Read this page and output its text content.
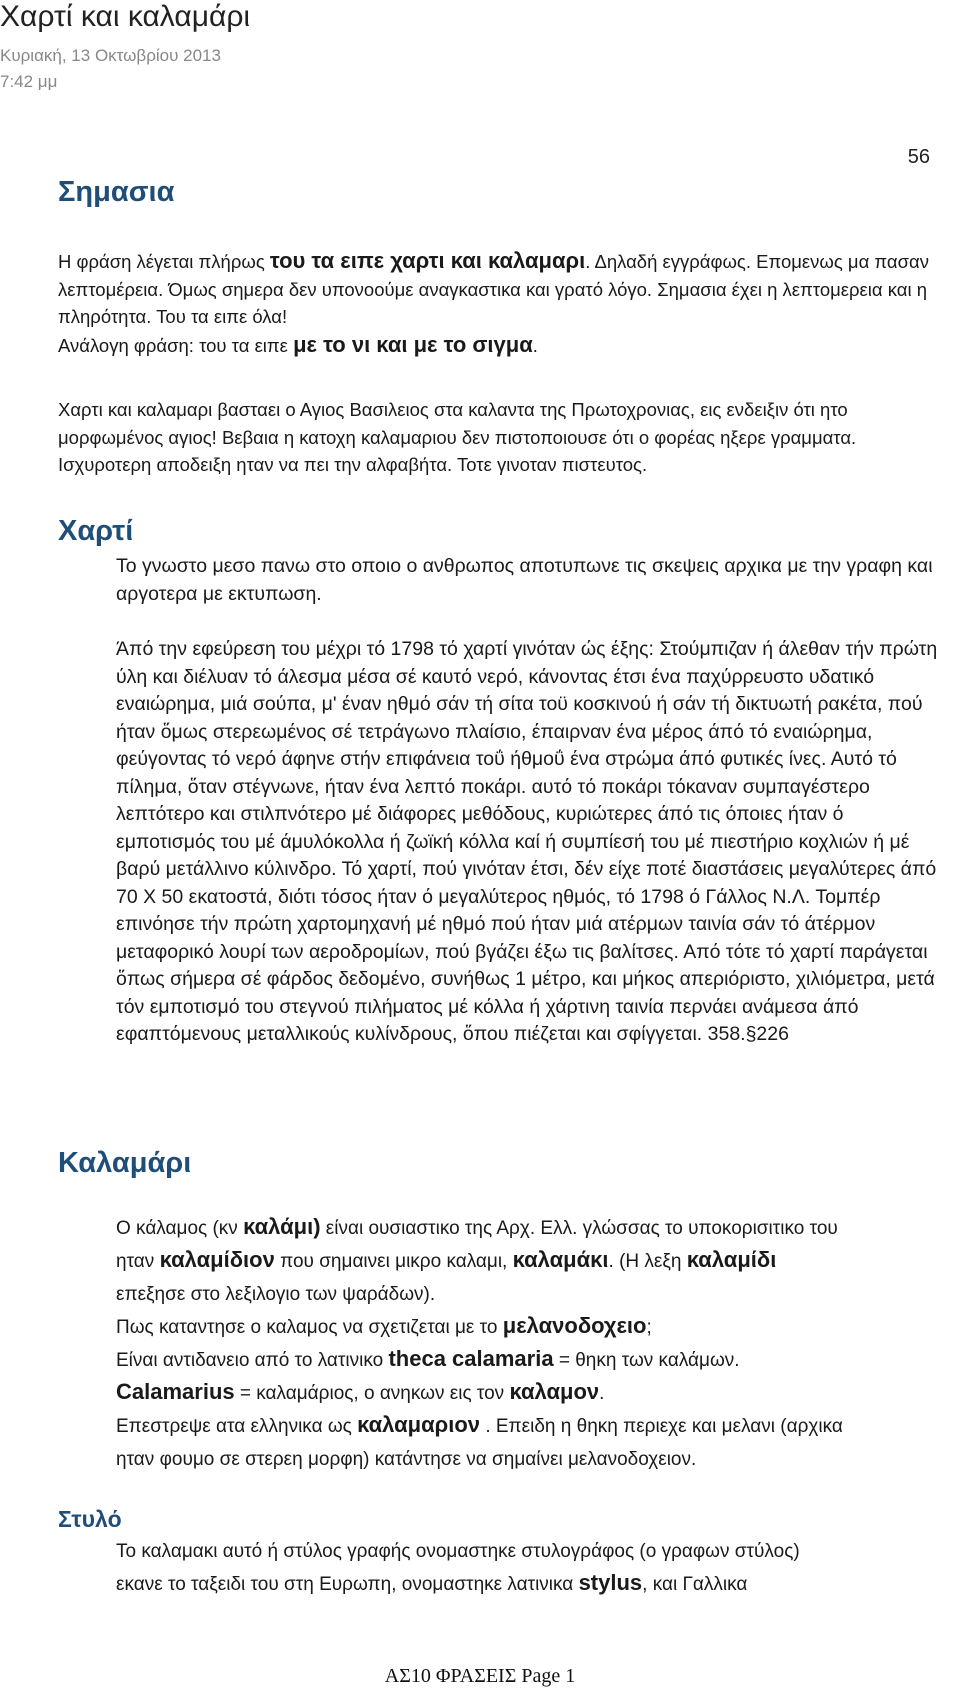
Χαρτί και καλαμάρι
Κυριακή, 13 Οκτωβρίου 2013
7:42 μμ
56
Σημασια

Η φράση λέγεται πλήρως του τα ειπε χαρτι και καλαμαρι. Δηλαδή εγγράφως. Επομενως μα πασαν λεπτομέρεια. Όμως σημερα δεν υπονοούμε αναγκαστικα και γρατό λόγο. Σημασια έχει η λεπτομερεια και η πληρότητα. Του τα ειπε όλα!
Ανάλογη φράση: του τα ειπε με το νι και με το σιγμα.

Χαρτι και καλαμαρι βασταει ο Αγιος Βασιλειος στα καλαντα της Πρωτοχρονιας, εις ενδειξιν ότι ητο μορφωμένος αγιος! Βεβαια η κατοχη καλαμαριου δεν πιστοποιουσε ότι ο φορέας ηξερε γραμματα. Ισχυροτερη αποδειξη ηταν να πει την αλφαβήτα. Τοτε γινοταν πιστευτος.

Χαρτί

Το γνωστο μεσο πανω στο οποιο ο ανθρωπος αποτυπωνε τις σκεψεις αρχικα με την γραφη και αργοτερα με εκτυπωση.

Άπό την εφεύρεση του μέχρι τό 1798 τό χαρτί γινόταν ώς έξης: Στούμπιζαν ή άλεθαν τήν πρώτη ύλη και διέλυαν τό άλεσμα μέσα σέ καυτό νερό, κάνοντας έτσι ένα παχύρρευστο υδατικό εναιώρημα, μιά σούπα, μ' έναν ηθμό σάν τή σίτα τοϋ κοσκινού ή σάν τή δικτυωτή ρακέτα, πού ήταν ὅμως στερεωμένος σέ τετράγωνο πλαίσιο, έπαιρναν ένα μέρος άπό τό εναιώρημα, φεύγοντας τό νερό άφηνε στήν επιφάνεια τοΰ ήθμοΰ ένα στρώμα άπό φυτικές ίνες. Αυτό τό πίλημα, ὅταν στέγνωνε, ήταν ένα λεπτό ποκάρι. αυτό τό ποκάρι τόκαναν συμπαγέστερο λεπτότερο και στιλπνότερο μέ διάφορες μεθόδους, κυριώτερες άπό τις όποιες ήταν ό εμποτισμός του μέ άμυλόκολλα ή ζωϊκή κόλλα καί ή συμπίεσή του μέ πιεστήριο κοχλιών ή μέ βαρύ μετάλλινο κύλινδρο. Τό χαρτί, πού γινόταν έτσι, δέν είχε ποτέ διαστάσεις μεγαλύτερες άπό 70 Χ 50 εκατοστά, διότι τόσος ήταν ό μεγαλύτερος ηθμός, τό 1798 ό Γάλλος Ν.Λ. Τομπέρ επινόησε τήν πρώτη χαρτομηχανή μέ ηθμό πού ήταν μιά ατέρμων ταινία σάν τό άτέρμον μεταφορικό λουρί των αεροδρομίων, πού βγάζει έξω τις βαλίτσες. Από τότε τό χαρτί παράγεται ὅπως σήμερα σέ φάρδος δεδομένο, συνήθως 1 μέτρο, και μήκος απεριόριστο, χιλιόμετρα, μετά τόν εμποτισμό του στεγνού πιλήματος μέ κόλλα ή χάρτινη ταινία περνάει ανάμεσα άπό εφαπτόμενους μεταλλικούς κυλίνδρους, ὅπου πιέζεται και σφίγγεται. 358.§226

Καλαμάρι
Ο κάλαμος (κν καλάμι) είναι ουσιαστικο της Αρχ. Ελλ. γλώσσας το υποκορισιτικο του
ηταν καλαμίδιον που σημαινει μικρο καλαμι, καλαμάκι. (Η λεξη καλαμίδι
επεξησε στο λεξιλογιο των ψαράδων).
Πως καταντησε ο καλαμος να σχετιζεται με το μελανοδοχειο;
Είναι αντιδανειο από το λατινικο theca calamaria = θηκη των καλάμων.
Calamarius = καλαμάριος, ο ανηκων εις τον καλαμον.
Επεστρεψε ατα ελληνικα ως καλαμαριον . Επειδη η θηκη περιεχε και μελανι (αρχικα
ηταν φουμο σε στερεη μορφη) κατάντησε να σημαίνει μελανοδοχειον.
Στυλό
Το καλαμακι αυτό ή στύλος γραφής ονομαστηκε στυλογράφος (ο γραφων στύλος)
εκανε το ταξειδι του στη Ευρωπη, ονομαστηκε λατινικα stylus, και Γαλλικα
ΑΣ10 ΦΡΑΣΕΙΣ Page 1
